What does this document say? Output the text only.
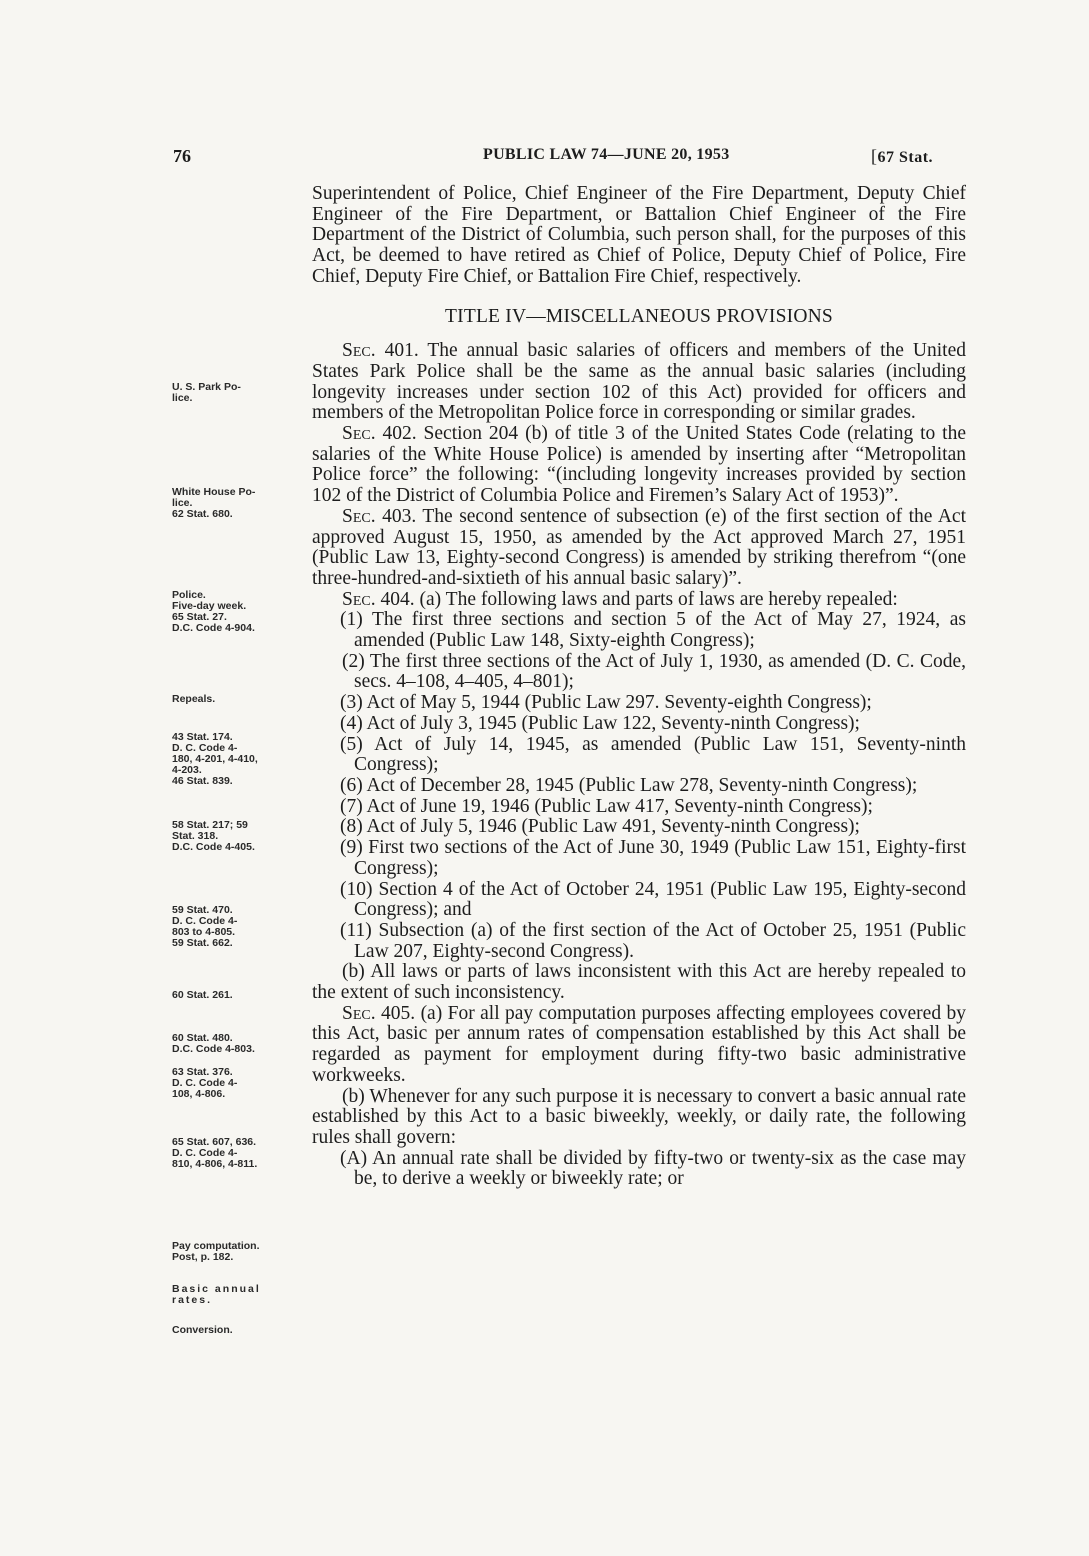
76	PUBLIC LAW 74—JUNE 20, 1953	[67 Stat.
U. S. Park Po-
lice.
White House Po-
lice.
62 Stat. 680.
Police.
Five-day week.
65 Stat. 27.
D.C. Code 4-904.
Repeals.
43 Stat. 174.
D. C. Code 4-
180, 4-201, 4-410,
4-203.
46 Stat. 839.
58 Stat. 217; 59
Stat. 318.
D.C. Code 4-405.
59 Stat. 470.
D. C. Code 4-
803 to 4-805.
59 Stat. 662.
60 Stat. 261.
60 Stat. 480.
D.C. Code 4-803.
63 Stat. 376.
D. C. Code 4-
108, 4-806.
65 Stat. 607, 636.
D. C. Code 4-
810, 4-806, 4-811.
Pay computation.
Post, p. 182.
Basic annual
rates.
Conversion.
Superintendent of Police, Chief Engineer of the Fire Department, Deputy Chief Engineer of the Fire Department, or Battalion Chief Engineer of the Fire Department of the District of Columbia, such person shall, for the purposes of this Act, be deemed to have retired as Chief of Police, Deputy Chief of Police, Fire Chief, Deputy Fire Chief, or Battalion Fire Chief, respectively.
TITLE IV—MISCELLANEOUS PROVISIONS
Sec. 401. The annual basic salaries of officers and members of the United States Park Police shall be the same as the annual basic salaries (including longevity increases under section 102 of this Act) provided for officers and members of the Metropolitan Police force in corresponding or similar grades.
Sec. 402. Section 204 (b) of title 3 of the United States Code (relating to the salaries of the White House Police) is amended by inserting after “Metropolitan Police force” the following: “(including longevity increases provided by section 102 of the District of Columbia Police and Firemen’s Salary Act of 1953)”.
Sec. 403. The second sentence of subsection (e) of the first section of the Act approved August 15, 1950, as amended by the Act approved March 27, 1951 (Public Law 13, Eighty-second Congress) is amended by striking therefrom “(one three-hundred-and-sixtieth of his annual basic salary)”.
Sec. 404. (a) The following laws and parts of laws are hereby repealed:
(1) The first three sections and section 5 of the Act of May 27, 1924, as amended (Public Law 148, Sixty-eighth Congress);
(2) The first three sections of the Act of July 1, 1930, as amended (D. C. Code, secs. 4–108, 4–405, 4–801);
(3) Act of May 5, 1944 (Public Law 297. Seventy-eighth Congress);
(4) Act of July 3, 1945 (Public Law 122, Seventy-ninth Congress);
(5) Act of July 14, 1945, as amended (Public Law 151, Seventy-ninth Congress);
(6) Act of December 28, 1945 (Public Law 278, Seventy-ninth Congress);
(7) Act of June 19, 1946 (Public Law 417, Seventy-ninth Congress);
(8) Act of July 5, 1946 (Public Law 491, Seventy-ninth Congress);
(9) First two sections of the Act of June 30, 1949 (Public Law 151, Eighty-first Congress);
(10) Section 4 of the Act of October 24, 1951 (Public Law 195, Eighty-second Congress); and
(11) Subsection (a) of the first section of the Act of October 25, 1951 (Public Law 207, Eighty-second Congress).
(b) All laws or parts of laws inconsistent with this Act are hereby repealed to the extent of such inconsistency.
Sec. 405. (a) For all pay computation purposes affecting employees covered by this Act, basic per annum rates of compensation established by this Act shall be regarded as payment for employment during fifty-two basic administrative workweeks.
(b) Whenever for any such purpose it is necessary to convert a basic annual rate established by this Act to a basic biweekly, weekly, or daily rate, the following rules shall govern:
(A) An annual rate shall be divided by fifty-two or twenty-six as the case may be, to derive a weekly or biweekly rate; or
